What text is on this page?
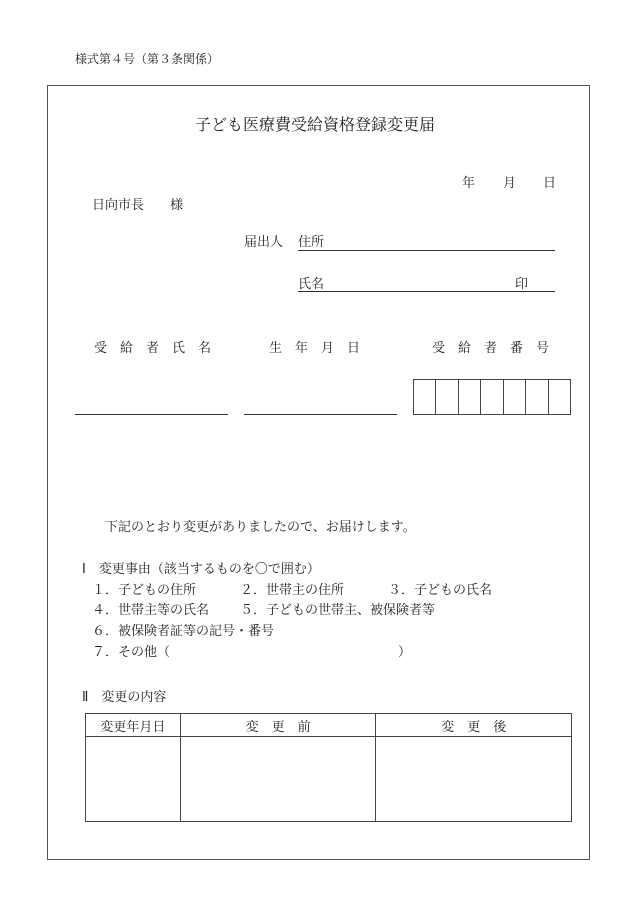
様式第４号（第３条関係）
子ども医療費受給資格登録変更届
年 月 日
日向市長 様
届出人 住所
氏名	印
受　給　者　氏　名	生　年　月　日	受　給　者　番　号
下記のとおり変更がありましたので、お届けします。
Ⅰ　変更事由（該当するものを〇で囲む）
１．子どもの住所	２．世帯主の住所	３．子どもの氏名
４．世帯主等の氏名 ５．子どもの世帯主、被保険者等
６．被保険者証等の記号・番号
７．その他（	）
Ⅱ　変更の内容
変更年月日	変　更　前	変　更　後
